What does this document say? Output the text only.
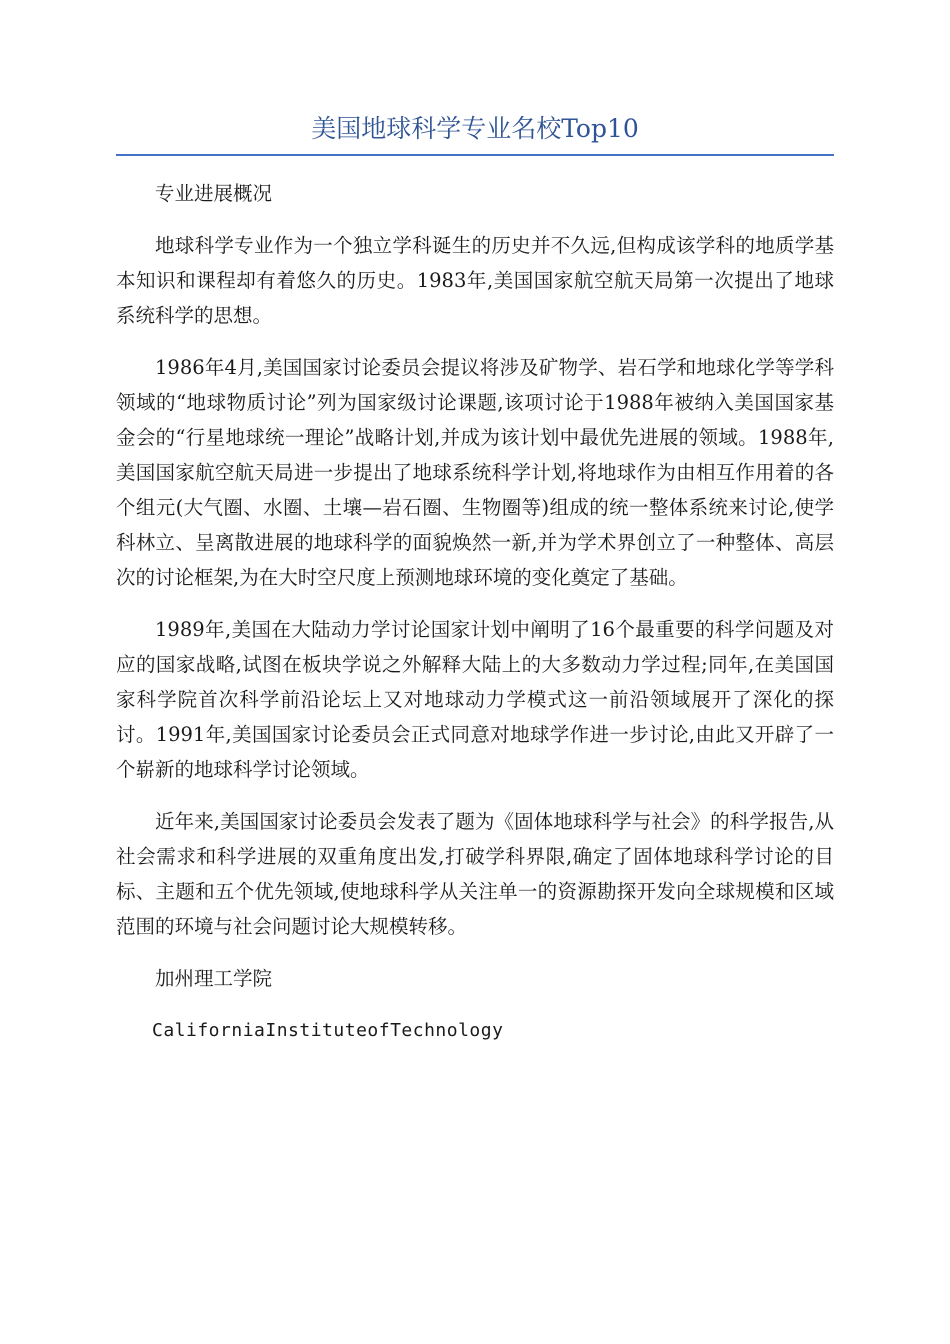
美国地球科学专业名校Top10

专业进展概况

地球科学专业作为一个独立学科诞生的历史并不久远,但构成该学科的地质学基本知识和课程却有着悠久的历史。1983年,美国国家航空航天局第一次提出了地球系统科学的思想。

1986年4月,美国国家讨论委员会提议将涉及矿物学、岩石学和地球化学等学科领域的“地球物质讨论”列为国家级讨论课题,该项讨论于1988年被纳入美国国家基金会的“行星地球统一理论”战略计划,并成为该计划中最优先进展的领域。1988年,美国国家航空航天局进一步提出了地球系统科学计划,将地球作为由相互作用着的各个组元(大气圈、水圈、土壤—岩石圈、生物圈等)组成的统一整体系统来讨论,使学科林立、呈离散进展的地球科学的面貌焕然一新,并为学术界创立了一种整体、高层次的讨论框架,为在大时空尺度上预测地球环境的变化奠定了基础。

1989年,美国在大陆动力学讨论国家计划中阐明了16个最重要的科学问题及对应的国家战略,试图在板块学说之外解释大陆上的大多数动力学过程;同年,在美国国家科学院首次科学前沿论坛上又对地球动力学模式这一前沿领域展开了深化的探讨。1991年,美国国家讨论委员会正式同意对地球学作进一步讨论,由此又开辟了一个崭新的地球科学讨论领域。

近年来,美国国家讨论委员会发表了题为《固体地球科学与社会》的科学报告,从社会需求和科学进展的双重角度出发,打破学科界限,确定了固体地球科学讨论的目标、主题和五个优先领域,使地球科学从关注单一的资源勘探开发向全球规模和区域范围的环境与社会问题讨论大规模转移。

加州理工学院

CaliforniaInstituteofTechnology
